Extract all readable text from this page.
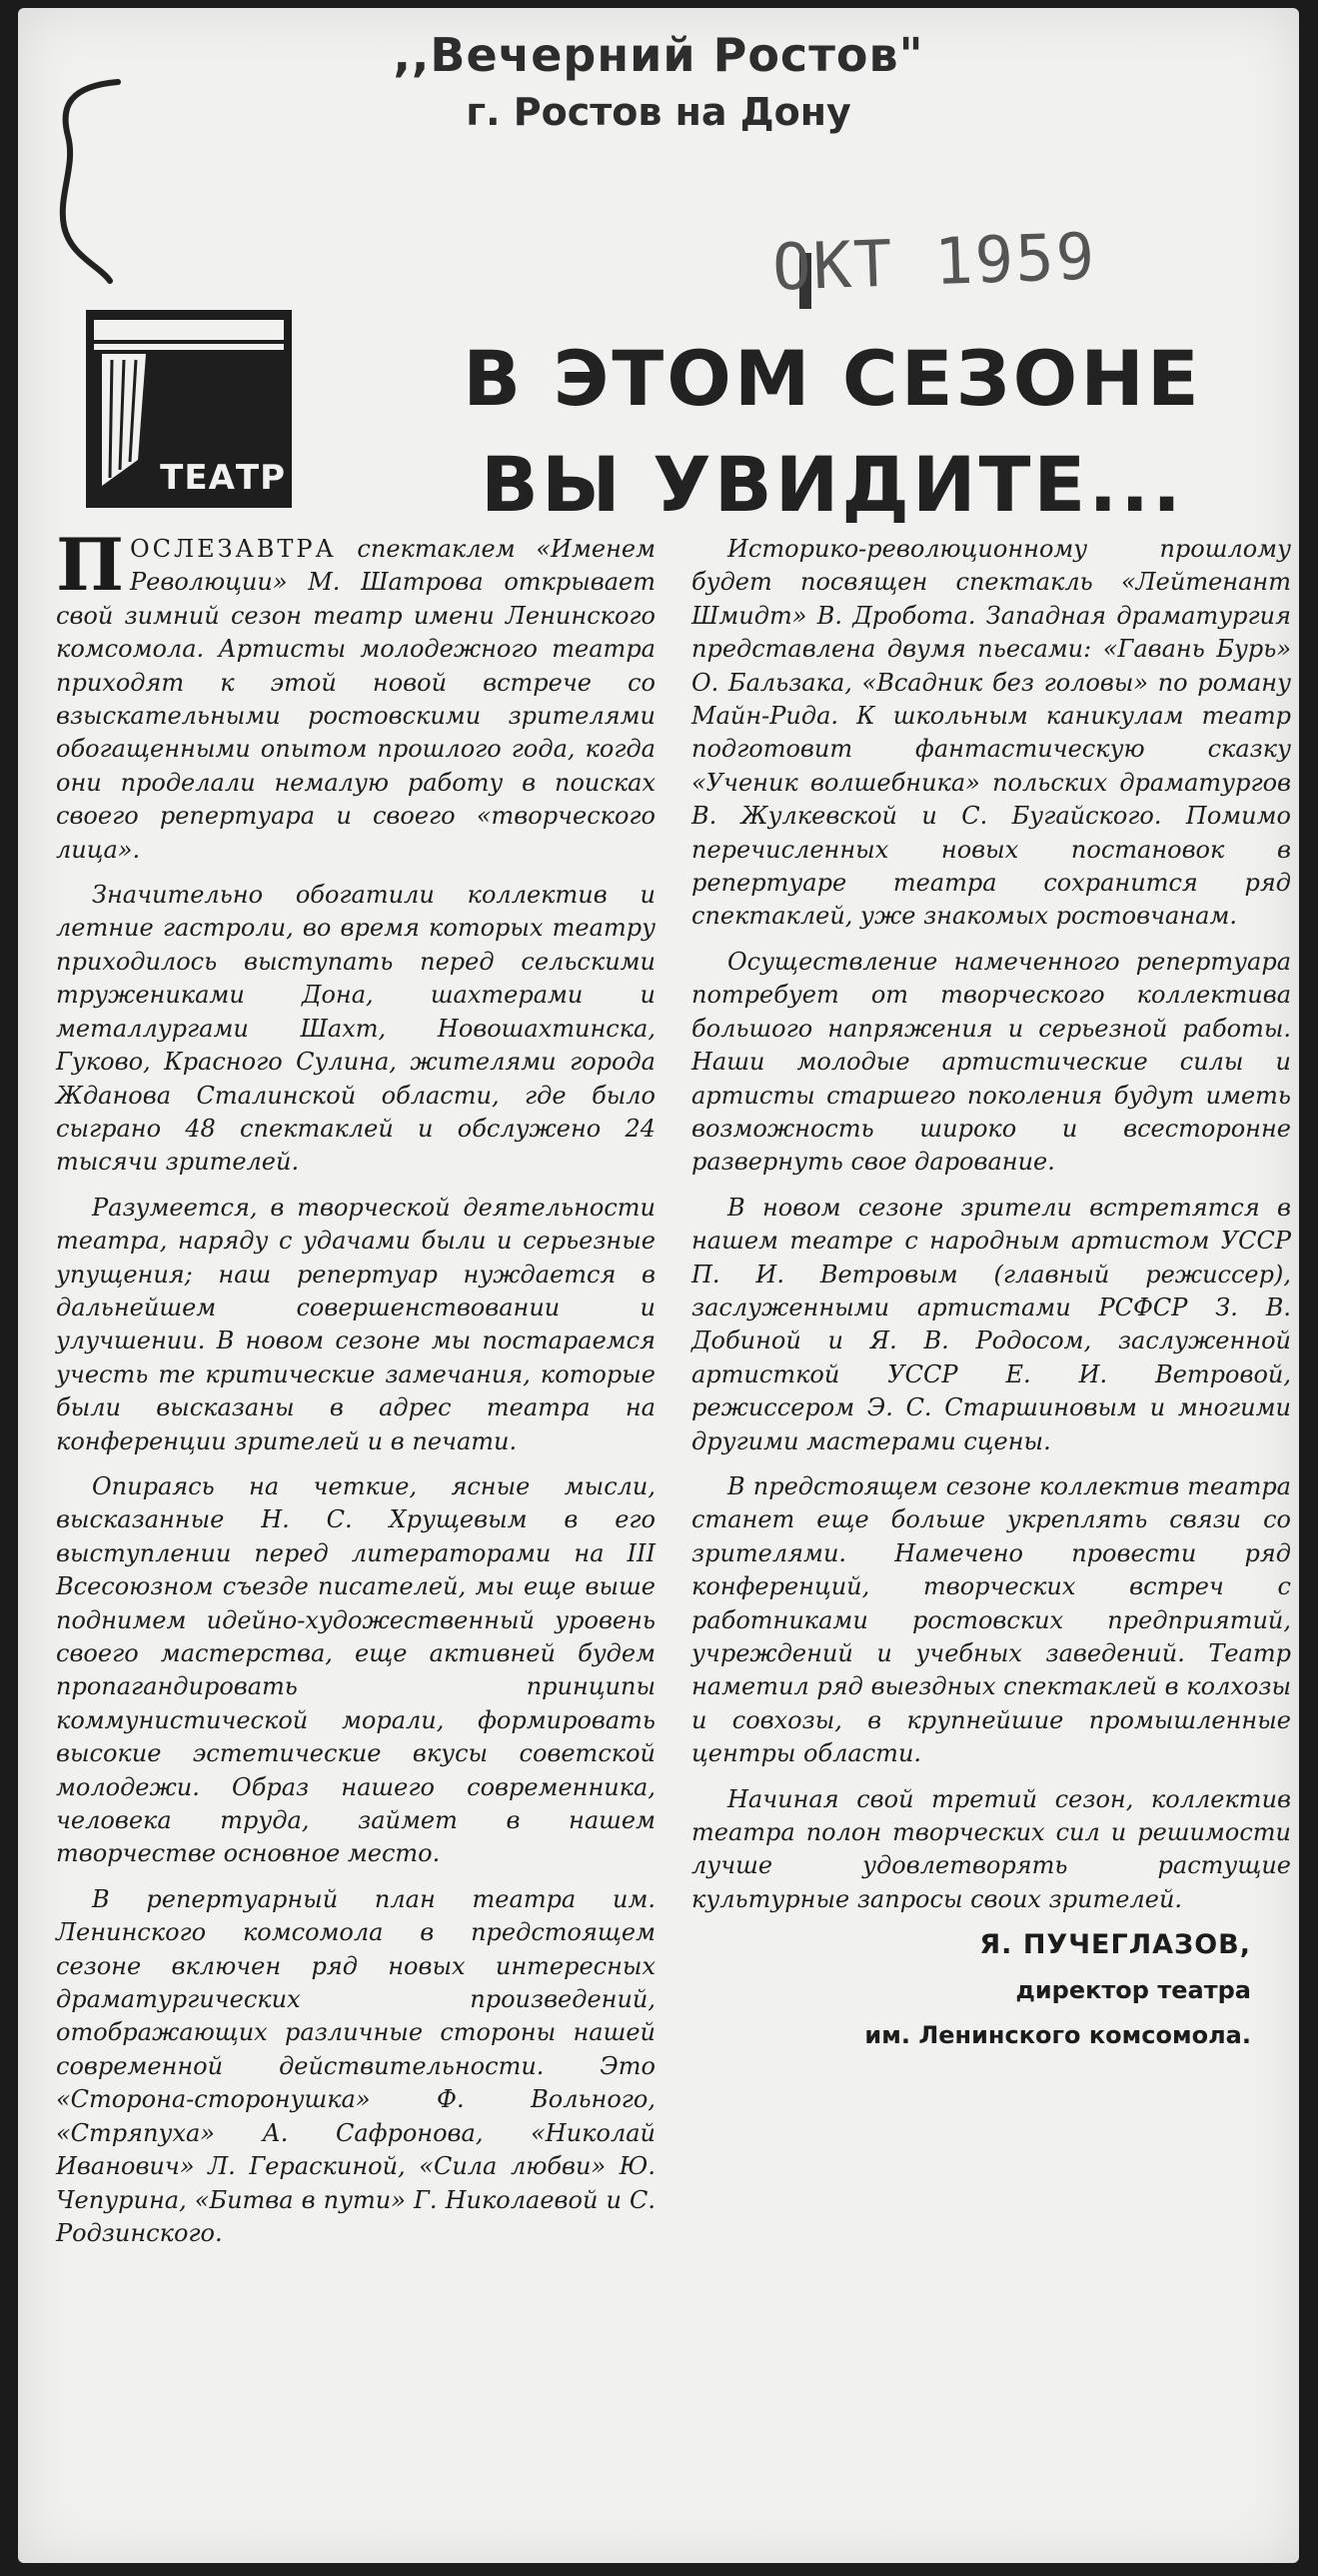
,,Вечерний Ростов"
г. Ростов на Дону
ОКТ 1959
ТЕАТР
В ЭТОМ СЕЗОНЕ
ВЫ УВИДИТЕ...

ПОСЛЕЗАВТРА спектаклем «Именем Революции» М. Шатрова открывает свой зимний сезон театр имени Ленинского комсомола. Артисты молодежного театра приходят к этой новой встрече со взыскательными ростовскими зрителями обогащенными опытом прошлого года, когда они проделали немалую работу в поисках своего репертуара и своего «творческого лица».

Значительно обогатили коллектив и летние гастроли, во время которых театру приходилось выступать перед сельскими тружениками Дона, шахтерами и металлургами Шахт, Новошахтинска, Гуково, Красного Сулина, жителями города Жданова Сталинской области, где было сыграно 48 спектаклей и обслужено 24 тысячи зрителей.

Разумеется, в творческой деятельности театра, наряду с удачами были и серьезные упущения; наш репертуар нуждается в дальнейшем совершенствовании и улучшении. В новом сезоне мы постараемся учесть те критические замечания, которые были высказаны в адрес театра на конференции зрителей и в печати.

Опираясь на четкие, ясные мысли, высказанные Н. С. Хрущевым в его выступлении перед литераторами на III Всесоюзном съезде писателей, мы еще выше поднимем идейно-художественный уровень своего мастерства, еще активней будем пропагандировать принципы коммунистической морали, формировать высокие эстетические вкусы советской молодежи. Образ нашего современника, человека труда, займет в нашем творчестве основное место.

В репертуарный план театра им. Ленинского комсомола в предстоящем сезоне включен ряд новых интересных драматургических произведений, отображающих различные стороны нашей современной действительности. Это «Сторона-сторонушка» Ф. Вольного, «Стряпуха» А. Сафронова, «Николай Иванович» Л. Гераскиной, «Сила любви» Ю. Чепурина, «Битва в пути» Г. Николаевой и С. Родзинского.

Историко-революционному прошлому будет посвящен спектакль «Лейтенант Шмидт» В. Дробота. Западная драматургия представлена двумя пьесами: «Гавань Бурь» О. Бальзака, «Всадник без головы» по роману Майн-Рида. К школьным каникулам театр подготовит фантастическую сказку «Ученик волшебника» польских драматургов В. Жулкевской и С. Бугайского. Помимо перечисленных новых постановок в репертуаре театра сохранится ряд спектаклей, уже знакомых ростовчанам.

Осуществление намеченного репертуара потребует от творческого коллектива большого напряжения и серьезной работы. Наши молодые артистические силы и артисты старшего поколения будут иметь возможность широко и всесторонне развернуть свое дарование.

В новом сезоне зрители встретятся в нашем театре с народным артистом УССР П. И. Ветровым (главный режиссер), заслуженными артистами РСФСР З. В. Добиной и Я. В. Родосом, заслуженной артисткой УССР Е. И. Ветровой, режиссером Э. С. Старшиновым и многими другими мастерами сцены.

В предстоящем сезоне коллектив театра станет еще больше укреплять связи со зрителями. Намечено провести ряд конференций, творческих встреч с работниками ростовских предприятий, учреждений и учебных заведений. Театр наметил ряд выездных спектаклей в колхозы и совхозы, в крупнейшие промышленные центры области.

Начиная свой третий сезон, коллектив театра полон творческих сил и решимости лучше удовлетворять растущие культурные запросы своих зрителей.

Я. ПУЧЕГЛАЗОВ,

директор театра

им. Ленинского комсомола.
